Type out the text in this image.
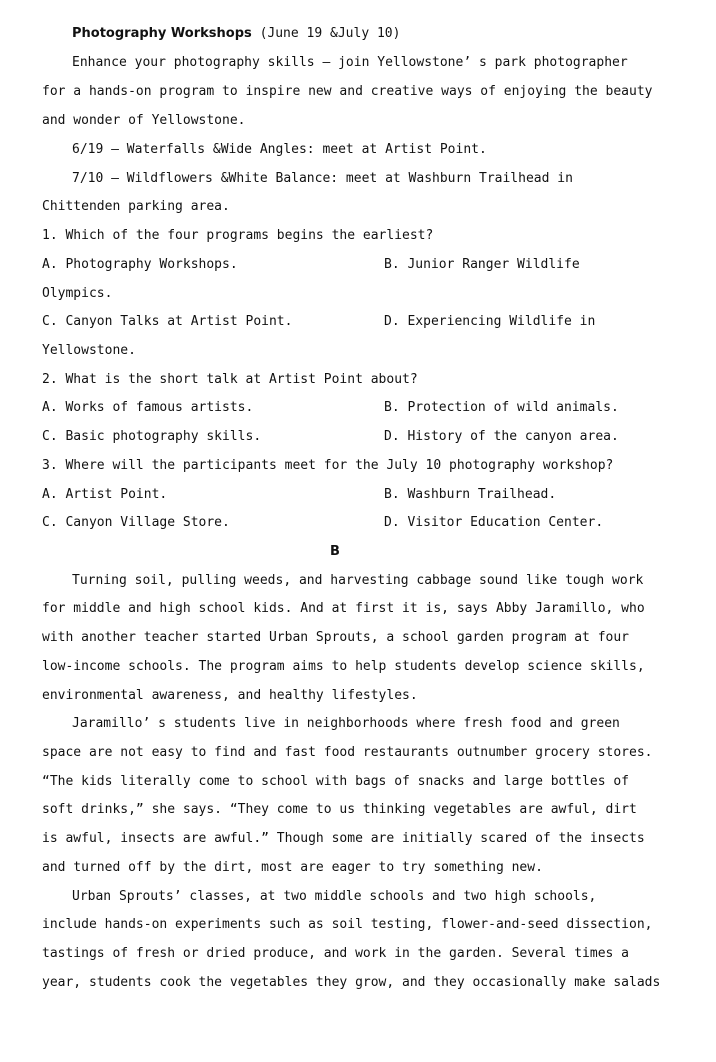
Photography Workshops (June 19 &July 10)
Enhance your photography skills — join Yellowstone’ s park photographer
for a hands-on program to inspire new and creative ways of enjoying the beauty
and wonder of Yellowstone.
6/19 — Waterfalls &Wide Angles: meet at Artist Point.
7/10 — Wildflowers &White Balance: meet at Washburn Trailhead in
Chittenden parking area.
1. Which of the four programs begins the earliest?
A. Photography Workshops.	B. Junior Ranger Wildlife
Olympics.
C. Canyon Talks at Artist Point.	D. Experiencing Wildlife in
Yellowstone.
2. What is the short talk at Artist Point about?
A. Works of famous artists.	B. Protection of wild animals.
C. Basic photography skills.	D. History of the canyon area.
3. Where will the participants meet for the July 10 photography workshop?
A. Artist Point.	B. Washburn Trailhead.
C. Canyon Village Store.	D. Visitor Education Center.
B
Turning soil, pulling weeds, and harvesting cabbage sound like tough work
for middle and high school kids. And at first it is, says Abby Jaramillo, who
with another teacher started Urban Sprouts, a school garden program at four
low-income schools. The program aims to help students develop science skills,
environmental awareness, and healthy lifestyles.
Jaramillo’ s students live in neighborhoods where fresh food and green
space are not easy to find and fast food restaurants outnumber grocery stores.
“The kids literally come to school with bags of snacks and large bottles of
soft drinks,” she says. “They come to us thinking vegetables are awful, dirt
is awful, insects are awful.” Though some are initially scared of the insects
and turned off by the dirt, most are eager to try something new.
Urban Sprouts’ classes, at two middle schools and two high schools,
include hands-on experiments such as soil testing, flower-and-seed dissection,
tastings of fresh or dried produce, and work in the garden. Several times a
year, students cook the vegetables they grow, and they occasionally make salads
